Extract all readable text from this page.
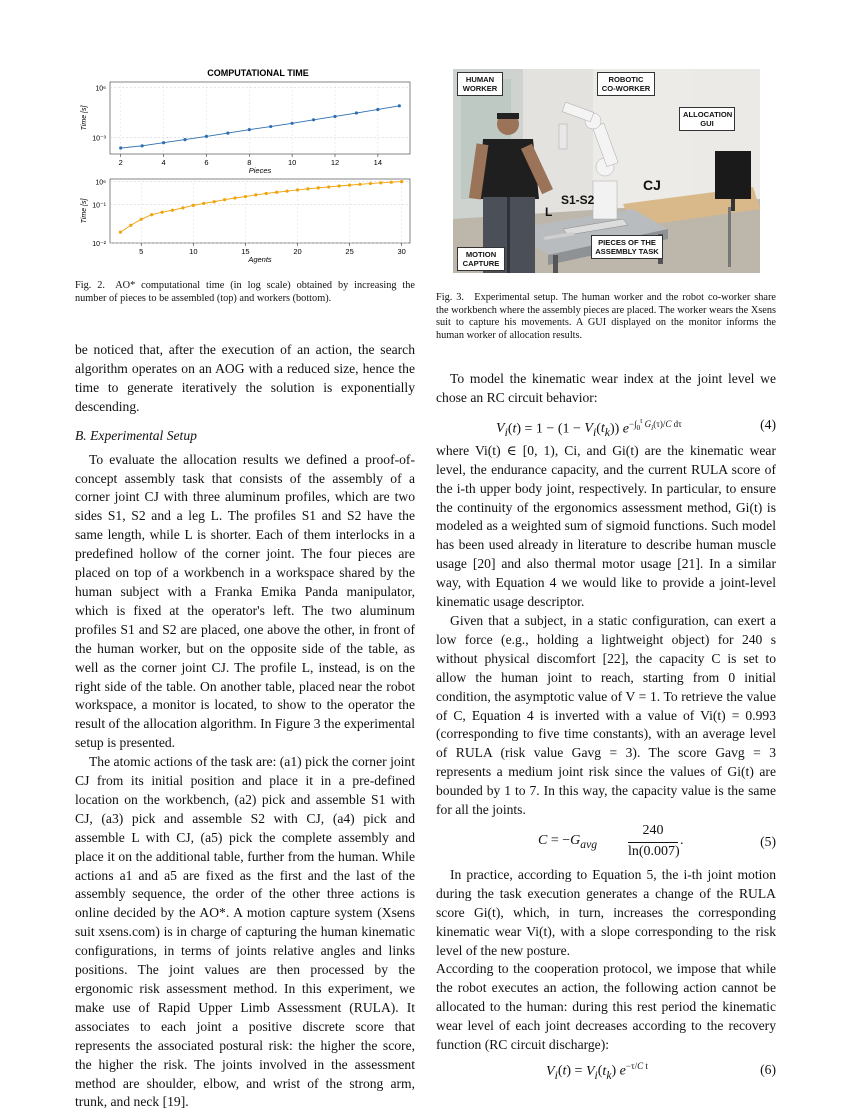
COMPUTATIONAL TIME
10⁶
10⁻³
2	4	6	8	10	12	14
Pieces
Time [s]
10⁶
10⁻¹
10⁻²
5	10	15	20	25	30
Agents
Time [s]
Fig. 2. AO* computational time (in log scale) obtained by increasing the number of pieces to be assembled (top) and workers (bottom).
HUMAN WORKER
ROBOTIC CO-WORKER
ALLOCATION GUI
CJ
S1-S2
L
MOTION CAPTURE
PIECES OF THE ASSEMBLY TASK
Fig. 3. Experimental setup. The human worker and the robot co-worker share the workbench where the assembly pieces are placed. The worker wears the Xsens suit to capture his movements. A GUI displayed on the monitor informs the human worker of allocation results.

be noticed that, after the execution of an action, the search algorithm operates on an AOG with a reduced size, hence the time to generate iteratively the solution is exponentially descending.

B. Experimental Setup

To evaluate the allocation results we defined a proof-of-concept assembly task that consists of the assembly of a corner joint CJ with three aluminum profiles, which are two sides S1, S2 and a leg L. The profiles S1 and S2 have the same length, while L is shorter. Each of them interlocks in a predefined hollow of the corner joint. The four pieces are placed on top of a workbench in a workspace shared by the human subject with a Franka Emika Panda manipulator, which is fixed at the operator's left. The two aluminum profiles S1 and S2 are placed, one above the other, in front of the human worker, but on the opposite side of the table, as well as the corner joint CJ. The profile L, instead, is on the right side of the table. On another table, placed near the robot workspace, a monitor is located, to show to the operator the result of the allocation algorithm. In Figure 3 the experimental setup is presented.

The atomic actions of the task are: (a1) pick the corner joint CJ from its initial position and place it in a pre-defined location on the workbench, (a2) pick and assemble S1 with CJ, (a3) pick and assemble S2 with CJ, (a4) pick and assemble L with CJ, (a5) pick the complete assembly and place it on the additional table, further from the human. While actions a1 and a5 are fixed as the first and the last of the assembly sequence, the order of the other three actions is online decided by the AO*. A motion capture system (Xsens suit xsens.com) is in charge of capturing the human kinematic configurations, in terms of joints relative angles and links positions. The joint values are then processed by the ergonomic risk assessment method. In this experiment, we make use of Rapid Upper Limb Assessment (RULA). It associates to each joint a positive discrete score that represents the associated postural risk: the higher the score, the higher the risk. The joints involved in the assessment method are shoulder, elbow, and wrist of the strong arm, trunk, and neck [19].

To model the kinematic wear index at the joint level we chose an RC circuit behavior:

$V_i(t) = 1 - (1 - V_i(t_k))$ $e^{-\int_0^t G_i(\tau)/C d\tau}$	(4)

where Vi(t) ∈ [0, 1), Ci, and Gi(t) are the kinematic wear level, the endurance capacity, and the current RULA score of the i-th upper body joint, respectively. In particular, to ensure the continuity of the ergonomics assessment method, Gi(t) is modeled as a weighted sum of sigmoid functions. Such model has been used already in literature to describe human muscle usage [20] and also thermal motor usage [21]. In a similar way, with Equation 4 we would like to provide a joint-level kinematic usage descriptor.

Given that a subject, in a static configuration, can exert a low force (e.g., holding a lightweight object) for 240 s without physical discomfort [22], the capacity C is set to allow the human joint to reach, starting from 0 initial condition, the asymptotic value of V = 1. To retrieve the value of C, Equation 4 is inverted with a value of Vi(t) = 0.993 (corresponding to five time constants), with an average level of RULA (risk value Gavg = 3). The score Gavg = 3 represents a medium joint risk since the values of Gi(t) are bounded by 1 to 7. In this way, the capacity value is the same for all the joints.

$C = -G_{avg}$
240
ln(0.007)
.	(5)

In practice, according to Equation 5, the i-th joint motion during the task execution generates a change of the RULA score Gi(t), which, in turn, increases the corresponding kinematic wear Vi(t), with a slope corresponding to the risk level of the new posture.

According to the cooperation protocol, we impose that while the robot executes an action, the following action cannot be allocated to the human: during this rest period the kinematic wear level of each joint decreases according to the recovery function (RC circuit discharge):

$V_i(t) = V_i(t_k)$ $e^{-\tau/C t}$	(6)
